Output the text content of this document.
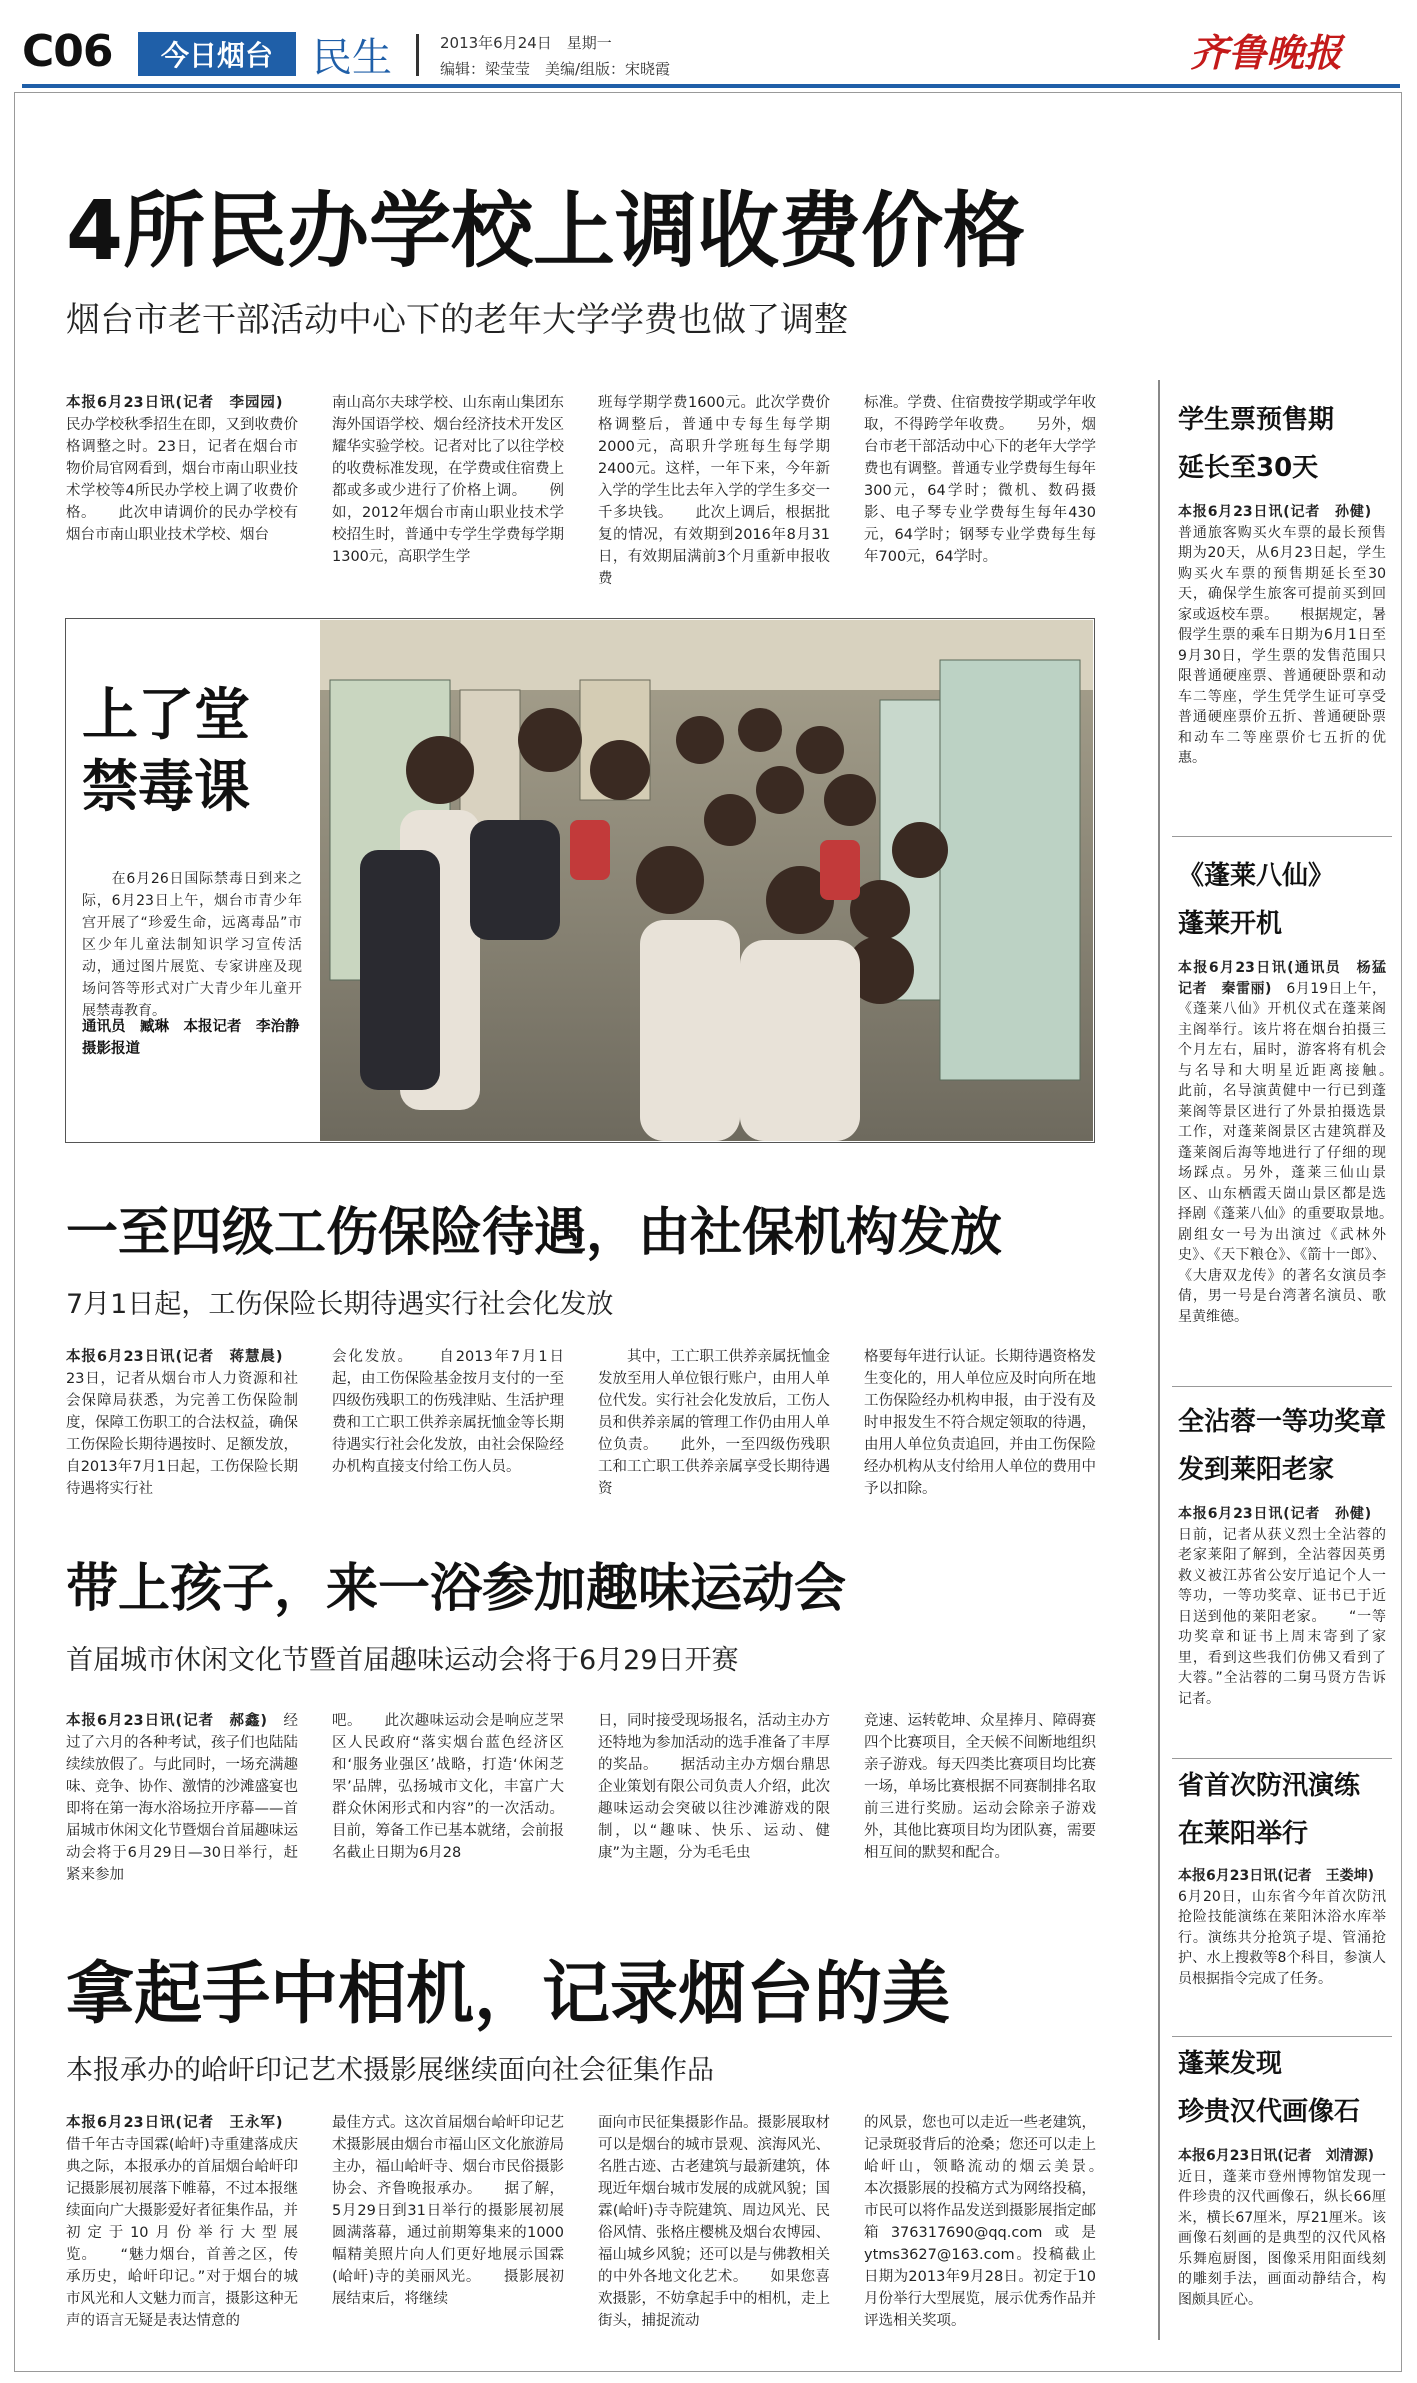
C06	今日烟台 民生	2013年6月24日　星期一
编辑：梁莹莹　美编/组版：宋晓霞	齐鲁晚报
4所民办学校上调收费价格
烟台市老干部活动中心下的老年大学学费也做了调整
本报6月23日讯(记者　李园园)　民办学校秋季招生在即，又到收费价格调整之时。23日，记者在烟台市物价局官网看到，烟台市南山职业技术学校等4所民办学校上调了收费价格。　　此次申请调价的民办学校有烟台市南山职业技术学校、烟台
南山高尔夫球学校、山东南山集团东海外国语学校、烟台经济技术开发区耀华实验学校。记者对比了以往学校的收费标准发现，在学费或住宿费上都或多或少进行了价格上调。　　例如，2012年烟台市南山职业技术学校招生时，普通中专学生学费每学期1300元，高职学生学
班每学期学费1600元。此次学费价格调整后，普通中专每生每学期2000元，高职升学班每生每学期2400元。这样，一年下来，今年新入学的学生比去年入学的学生多交一千多块钱。　　此次上调后，根据批复的情况，有效期到2016年8月31日，有效期届满前3个月重新申报收费
标准。学费、住宿费按学期或学年收取，不得跨学年收费。　　另外，烟台市老干部活动中心下的老年大学学费也有调整。普通专业学费每生每年300元，64学时；微机、数码摄影、电子琴专业学费每生每年430元，64学时；钢琴专业学费每生每年700元，64学时。
上了堂
禁毒课
　　在6月26日国际禁毒日到来之际，6月23日上午，烟台市青少年宫开展了“珍爱生命，远离毒品”市区少年儿童法制知识学习宣传活动，通过图片展览、专家讲座及现场问答等形式对广大青少年儿童开展禁毒教育。
通讯员　臧琳　本报记者　李治静　摄影报道
一至四级工伤保险待遇，由社保机构发放
7月1日起，工伤保险长期待遇实行社会化发放
本报6月23日讯(记者　蒋慧晨)　23日，记者从烟台市人力资源和社会保障局获悉，为完善工伤保险制度，保障工伤职工的合法权益，确保工伤保险长期待遇按时、足额发放，自2013年7月1日起，工伤保险长期待遇将实行社
会化发放。　　自2013年7月1日起，由工伤保险基金按月支付的一至四级伤残职工的伤残津贴、生活护理费和工亡职工供养亲属抚恤金等长期待遇实行社会化发放，由社会保险经办机构直接支付给工伤人员。
　　其中，工亡职工供养亲属抚恤金发放至用人单位银行账户，由用人单位代发。实行社会化发放后，工伤人员和供养亲属的管理工作仍由用人单位负责。　　此外，一至四级伤残职工和工亡职工供养亲属享受长期待遇资
格要每年进行认证。长期待遇资格发生变化的，用人单位应及时向所在地工伤保险经办机构申报，由于没有及时申报发生不符合规定领取的待遇，由用人单位负责追回，并由工伤保险经办机构从支付给用人单位的费用中予以扣除。
带上孩子，来一浴参加趣味运动会
首届城市休闲文化节暨首届趣味运动会将于6月29日开赛
本报6月23日讯(记者　郝鑫)　经过了六月的各种考试，孩子们也陆陆续续放假了。与此同时，一场充满趣味、竞争、协作、激情的沙滩盛宴也即将在第一海水浴场拉开序幕——首届城市休闲文化节暨烟台首届趣味运动会将于6月29日—30日举行，赶紧来参加
吧。　　此次趣味运动会是响应芝罘区人民政府“落实烟台蓝色经济区和‘服务业强区’战略，打造‘休闲芝罘’品牌，弘扬城市文化，丰富广大群众休闲形式和内容”的一次活动。目前，筹备工作已基本就绪，会前报名截止日期为6月28
日，同时接受现场报名，活动主办方还特地为参加活动的选手准备了丰厚的奖品。　　据活动主办方烟台鼎思企业策划有限公司负责人介绍，此次趣味运动会突破以往沙滩游戏的限制，以“趣味、快乐、运动、健康”为主题，分为毛毛虫
竞速、运转乾坤、众星捧月、障碍赛四个比赛项目，全天候不间断地组织亲子游戏。每天四类比赛项目均比赛一场，单场比赛根据不同赛制排名取前三进行奖励。运动会除亲子游戏外，其他比赛项目均为团队赛，需要相互间的默契和配合。
拿起手中相机，记录烟台的美
本报承办的峆屽印记艺术摄影展继续面向社会征集作品
本报6月23日讯(记者　王永军)　借千年古寺国霖(峆屽)寺重建落成庆典之际，本报承办的首届烟台峆屽印记摄影展初展落下帷幕，不过本报继续面向广大摄影爱好者征集作品，并初定于10月份举行大型展览。　　“魅力烟台，首善之区，传承历史，峆屽印记。”对于烟台的城市风光和人文魅力而言，摄影这种无声的语言无疑是表达情意的
最佳方式。这次首届烟台峆屽印记艺术摄影展由烟台市福山区文化旅游局主办，福山峆屽寺、烟台市民俗摄影协会、齐鲁晚报承办。　　据了解，5月29日到31日举行的摄影展初展圆满落幕，通过前期筹集来的1000幅精美照片向人们更好地展示国霖(峆屽)寺的美丽风光。　　摄影展初展结束后，将继续
面向市民征集摄影作品。摄影展取材可以是烟台的城市景观、滨海风光、名胜古迹、古老建筑与最新建筑，体现近年烟台城市发展的成就风貌；国霖(峆屽)寺寺院建筑、周边风光、民俗风情、张格庄樱桃及烟台农博园、福山城乡风貌；还可以是与佛教相关的中外各地文化艺术。　　如果您喜欢摄影，不妨拿起手中的相机，走上街头，捕捉流动
的风景，您也可以走近一些老建筑，记录斑驳背后的沧桑；您还可以走上峆屽山，领略流动的烟云美景。　　本次摄影展的投稿方式为网络投稿，市民可以将作品发送到摄影展指定邮箱376317690@qq.com或是ytms3627@163.com。投稿截止日期为2013年9月28日。初定于10月份举行大型展览，展示优秀作品并评选相关奖项。
学生票预售期
延长至30天
本报6月23日讯(记者　孙健)　普通旅客购买火车票的最长预售期为20天，从6月23日起，学生购买火车票的预售期延长至30天，确保学生旅客可提前买到回家或返校车票。　　根据规定，暑假学生票的乘车日期为6月1日至9月30日，学生票的发售范围只限普通硬座票、普通硬卧票和动车二等座，学生凭学生证可享受普通硬座票价五折、普通硬卧票和动车二等座票价七五折的优惠。
《蓬莱八仙》
蓬莱开机
本报6月23日讯(通讯员　杨猛　记者　秦雷丽)　6月19日上午，《蓬莱八仙》开机仪式在蓬莱阁主阁举行。该片将在烟台拍摄三个月左右，届时，游客将有机会与名导和大明星近距离接触。　　此前，名导演黄健中一行已到蓬莱阁等景区进行了外景拍摄选景工作，对蓬莱阁景区古建筑群及蓬莱阁后海等地进行了仔细的现场踩点。另外，蓬莱三仙山景区、山东栖霞天崮山景区都是选择剧《蓬莱八仙》的重要取景地。　　剧组女一号为出演过《武林外史》、《天下粮仓》、《箭十一郎》、《大唐双龙传》的著名女演员李倩，男一号是台湾著名演员、歌星黄维德。
全沾蓉一等功奖章
发到莱阳老家
本报6月23日讯(记者　孙健)　日前，记者从获义烈士全沾蓉的老家莱阳了解到，全沾蓉因英勇救义被江苏省公安厅追记个人一等功，一等功奖章、证书已于近日送到他的莱阳老家。　　“一等功奖章和证书上周末寄到了家里，看到这些我们仿佛又看到了大蓉。”全沾蓉的二舅马贤方告诉记者。
省首次防汛演练
在莱阳举行
本报6月23日讯(记者　王娄坤)　6月20日，山东省今年首次防汛抢险技能演练在莱阳沐浴水库举行。演练共分抢筑子堤、管涌抢护、水上搜救等8个科目，参演人员根据指令完成了任务。
蓬莱发现
珍贵汉代画像石
本报6月23日讯(记者　刘清源)　近日，蓬莱市登州博物馆发现一件珍贵的汉代画像石，纵长66厘米，横长67厘米，厚21厘米。该画像石刻画的是典型的汉代风格乐舞庖厨图，图像采用阳面线刻的雕刻手法，画面动静结合，构图颇具匠心。
